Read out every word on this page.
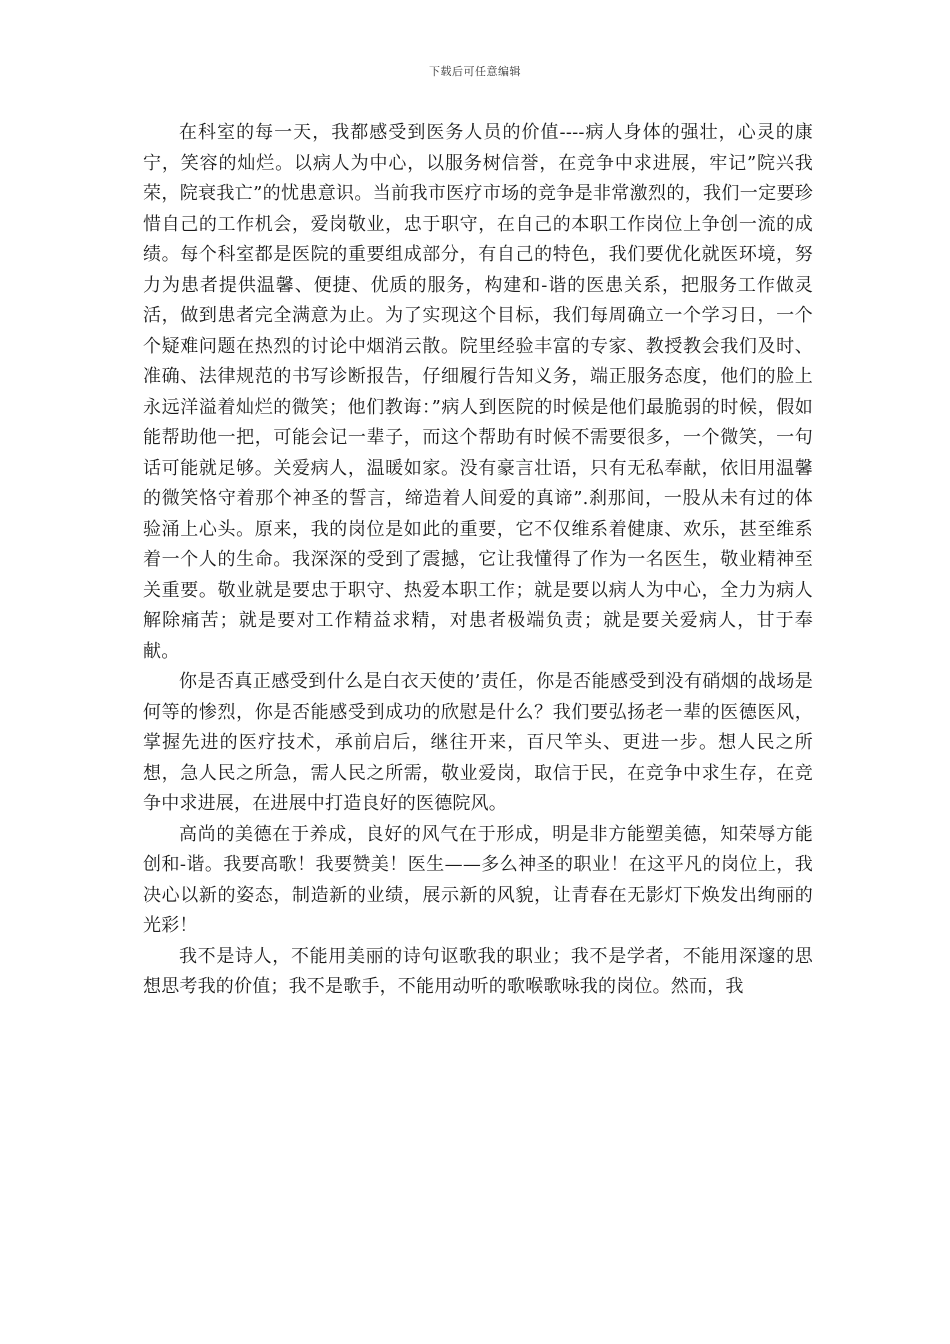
下载后可任意编辑

在科室的每一天，我都感受到医务人员的价值----病人身体的强壮，心灵的康宁，笑容的灿烂。以病人为中心，以服务树信誉，在竞争中求进展，牢记”院兴我荣，院衰我亡”的忧患意识。当前我市医疗市场的竞争是非常激烈的，我们一定要珍惜自己的工作机会，爱岗敬业，忠于职守，在自己的本职工作岗位上争创一流的成绩。每个科室都是医院的重要组成部分，有自己的特色，我们要优化就医环境，努力为患者提供温馨、便捷、优质的服务，构建和-谐的医患关系，把服务工作做灵活，做到患者完全满意为止。为了实现这个目标，我们每周确立一个学习日，一个个疑难问题在热烈的讨论中烟消云散。院里经验丰富的专家、教授教会我们及时、准确、法律规范的书写诊断报告，仔细履行告知义务，端正服务态度，他们的脸上永远洋溢着灿烂的微笑；他们教诲：”病人到医院的时候是他们最脆弱的时候，假如能帮助他一把，可能会记一辈子，而这个帮助有时候不需要很多，一个微笑，一句话可能就足够。关爱病人，温暖如家。没有豪言壮语，只有无私奉献，依旧用温馨的微笑恪守着那个神圣的誓言，缔造着人间爱的真谛”.刹那间，一股从未有过的体验涌上心头。原来，我的岗位是如此的重要，它不仅维系着健康、欢乐，甚至维系着一个人的生命。我深深的受到了震撼，它让我懂得了作为一名医生，敬业精神至关重要。敬业就是要忠于职守、热爱本职工作；就是要以病人为中心，全力为病人解除痛苦；就是要对工作精益求精，对患者极端负责；就是要关爱病人，甘于奉献。

你是否真正感受到什么是白衣天使的’责任，你是否能感受到没有硝烟的战场是何等的惨烈，你是否能感受到成功的欣慰是什么？我们要弘扬老一辈的医德医风，掌握先进的医疗技术，承前启后，继往开来，百尺竿头、更进一步。想人民之所想，急人民之所急，需人民之所需，敬业爱岗，取信于民，在竞争中求生存，在竞争中求进展，在进展中打造良好的医德院风。

高尚的美德在于养成，良好的风气在于形成，明是非方能塑美德，知荣辱方能创和-谐。我要高歌！我要赞美！医生——多么神圣的职业！在这平凡的岗位上，我决心以新的姿态，制造新的业绩，展示新的风貌，让青春在无影灯下焕发出绚丽的光彩！

我不是诗人，不能用美丽的诗句讴歌我的职业；我不是学者，不能用深邃的思想思考我的价值；我不是歌手，不能用动听的歌喉歌咏我的岗位。然而，我
